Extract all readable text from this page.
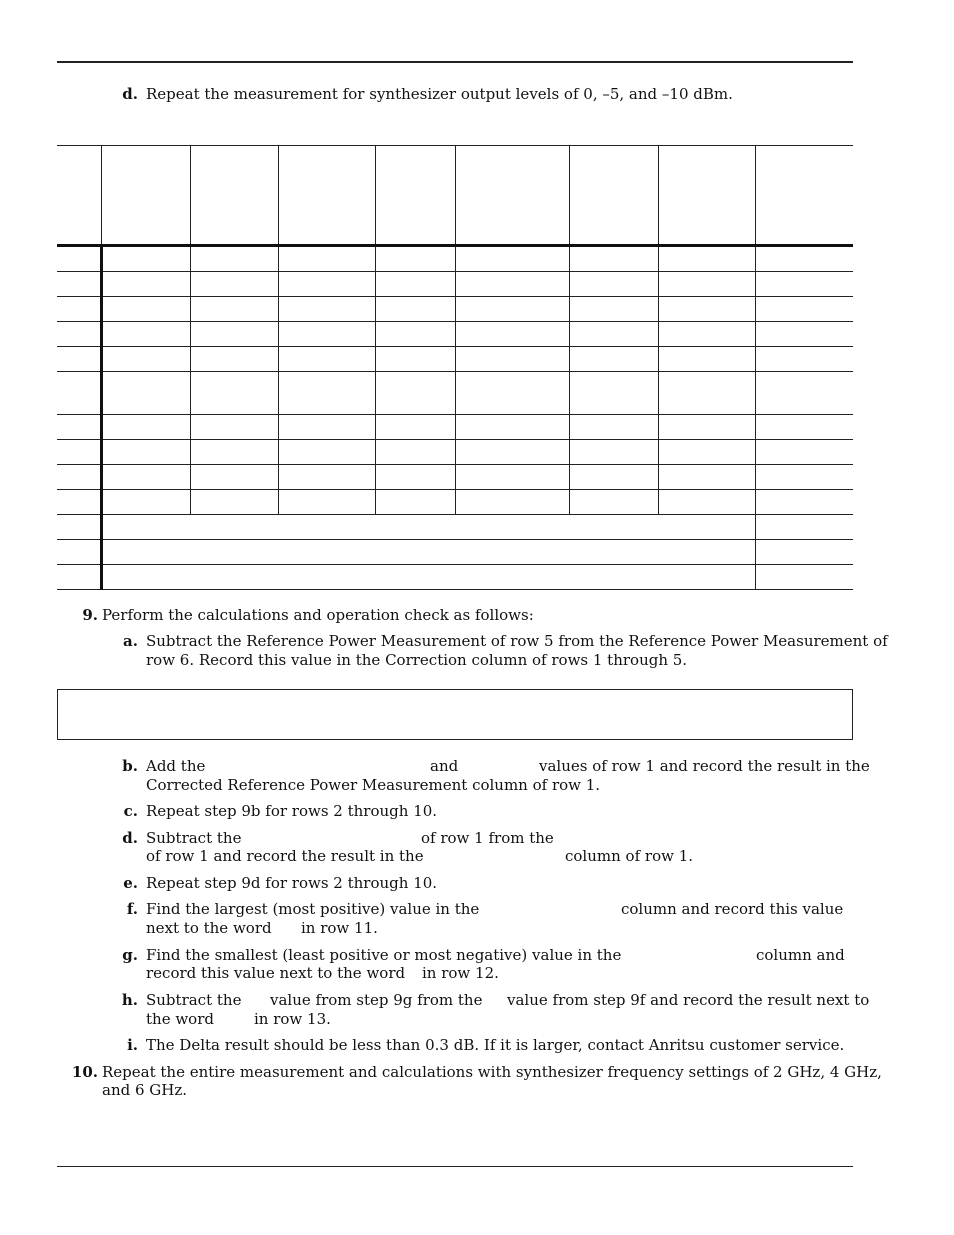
d. Repeat the measurement for synthesizer output levels of 0, –5, and –10 dBm.

9. Perform the calculations and operation check as follows:
a. Subtract the Reference Power Measurement of row 5 from the Reference Power Measurement of
row 6. Record this value in the Correction column of rows 1 through 5.
b. Add the	and	values of row 1 and record the result in the
Corrected Reference Power Measurement column of row 1.
c. Repeat step 9b for rows 2 through 10.
d. Subtract the	of row 1 from the
of row 1 and record the result in the	column of row 1.
e. Repeat step 9d for rows 2 through 10.
f. Find the largest (most positive) value in the	column and record this value
next to the word in row 11.
g. Find the smallest (least positive or most negative) value in the	column and
record this value next to the word in row 12.
h. Subtract the value from step 9g from the value from step 9f and record the result next to
the word	in row 13.
i. The Delta result should be less than 0.3 dB. If it is larger, contact Anritsu customer service.
10. Repeat the entire measurement and calculations with synthesizer frequency settings of 2 GHz, 4 GHz,
and 6 GHz.
